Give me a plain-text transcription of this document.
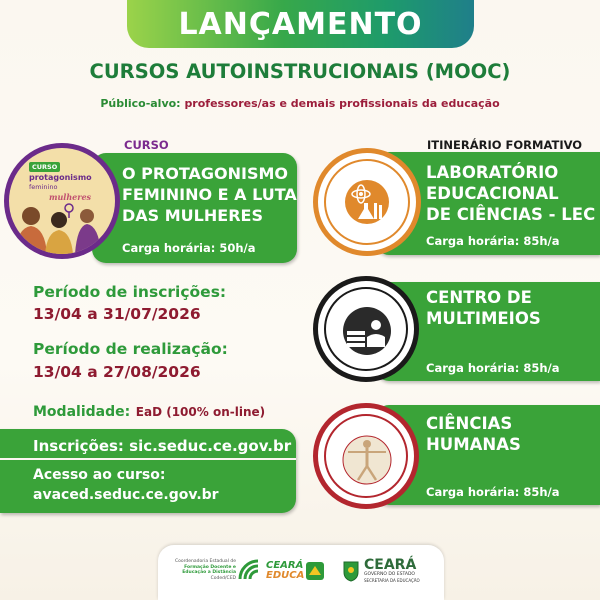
LANÇAMENTO
CURSOS AUTOINSTRUCIONAIS (MOOC)
Público-alvo: professores/as e demais profissionais da educação
CURSO	ITINERÁRIO FORMATIVO
O PROTAGONISMO
FEMININO E A LUTA
DAS MULHERES
Carga horária: 50h/a
CURSO
protagonismo
feminino
mulheres
LABORATÓRIO
EDUCACIONAL
DE CIÊNCIAS - LEC
Carga horária: 85h/a
CENTRO DE
MULTIMEIOS
Carga horária: 85h/a
CIÊNCIAS
HUMANAS
Carga horária: 85h/a
Período de inscrições:
13/04 a 31/07/2026
Período de realização:
13/04 a 27/08/2026
Modalidade: EaD (100% on-line)
Inscrições: sic.seduc.ce.gov.br
Acesso ao curso:
avaced.seduc.ce.gov.br
Coordenadoria Estadual de
Formação Docente e
Educação a Distância
Coded/CED
CEARÁ
EDUCA
CEARÁ
GOVERNO DO ESTADO
SECRETARIA DA EDUCAÇÃO
